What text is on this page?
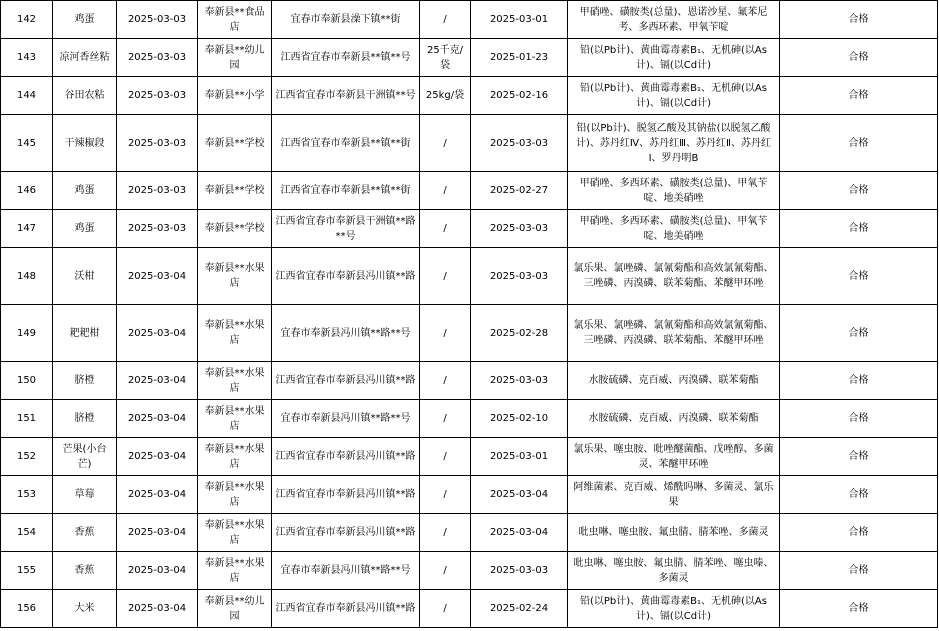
142	鸡蛋	2025-03-03	奉新县**食品店	宜春市奉新县澡下镇**街	/	2025-03-01	甲硝唑、磺胺类(总量)、恩诺沙星、氟苯尼考、多西环素、甲氧苄啶	合格
143	凉河香丝粘	2025-03-03	奉新县**幼儿园	江西省宜春市奉新县**镇**号	25千克/袋	2025-01-23	铅(以Pb计)、黄曲霉毒素B₁、无机砷(以As计)、镉(以Cd计)	合格
144	谷田农粘	2025-03-03	奉新县**小学	江西省宜春市奉新县干洲镇**号	25kg/袋	2025-02-16	铅(以Pb计)、黄曲霉毒素B₁、无机砷(以As计)、镉(以Cd计)	合格
145	干辣椒段	2025-03-03	奉新县**学校	江西省宜春市奉新县**镇**街	/	2025-03-03	铅(以Pb计)、脱氢乙酸及其钠盐(以脱氢乙酸计)、苏丹红Ⅳ、苏丹红Ⅲ、苏丹红Ⅱ、苏丹红Ⅰ、罗丹明B	合格
146	鸡蛋	2025-03-03	奉新县**学校	江西省宜春市奉新县**镇**街	/	2025-02-27	甲硝唑、多西环素、磺胺类(总量)、甲氧苄啶、地美硝唑	合格
147	鸡蛋	2025-03-03	奉新县**学校	江西省宜春市奉新县干洲镇**路**号	/	2025-03-03	甲硝唑、多西环素、磺胺类(总量)、甲氧苄啶、地美硝唑	合格
148	沃柑	2025-03-04	奉新县**水果店	江西省宜春市奉新县冯川镇**路	/	2025-03-03	氯乐果、氯唑磷、氯氰菊酯和高效氯氰菊酯、三唑磷、丙溴磷、联苯菊酯、苯醚甲环唑	合格
149	耙耙柑	2025-03-04	奉新县**水果店	宜春市奉新县冯川镇**路**号	/	2025-02-28	氯乐果、氯唑磷、氯氰菊酯和高效氯氰菊酯、三唑磷、丙溴磷、联苯菊酯、苯醚甲环唑	合格
150	脐橙	2025-03-04	奉新县**水果店	江西省宜春市奉新县冯川镇**路	/	2025-03-03	水胺硫磷、克百威、丙溴磷、联苯菊酯	合格
151	脐橙	2025-03-04	奉新县**水果店	宜春市奉新县冯川镇**路**号	/	2025-02-10	水胺硫磷、克百威、丙溴磷、联苯菊酯	合格
152	芒果(小台芒)	2025-03-04	奉新县**水果店	江西省宜春市奉新县冯川镇**路	/	2025-03-01	氯乐果、噻虫胺、吡唑醚菌酯、戊唑醇、多菌灵、苯醚甲环唑	合格
153	草莓	2025-03-04	奉新县**水果店	江西省宜春市奉新县冯川镇**路	/	2025-03-04	阿维菌素、克百威、烯酰吗啉、多菌灵、氯乐果	合格
154	香蕉	2025-03-04	奉新县**水果店	江西省宜春市奉新县冯川镇**路	/	2025-03-04	吡虫啉、噻虫胺、氟虫腈、腈苯唑、多菌灵	合格
155	香蕉	2025-03-04	奉新县**水果店	宜春市奉新县冯川镇**路**号	/	2025-03-03	吡虫啉、噻虫胺、氟虫腈、腈苯唑、噻虫嗪、多菌灵	合格
156	大米	2025-03-04	奉新县**幼儿园	江西省宜春市奉新县冯川镇**路	/	2025-02-24	铅(以Pb计)、黄曲霉毒素B₁、无机砷(以As计)、镉(以Cd计)	合格
